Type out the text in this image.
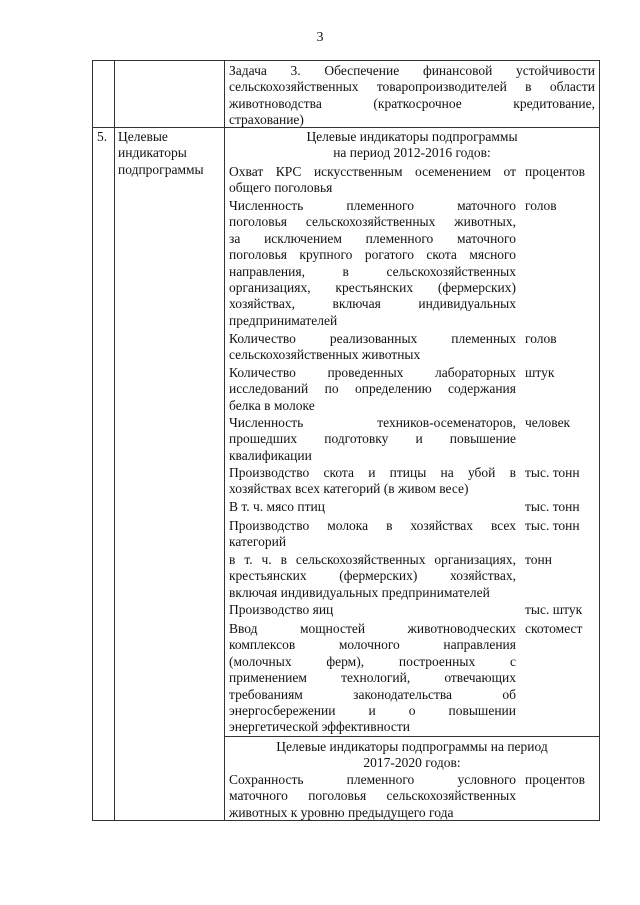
3
Задача 3. Обеспечение финансовой устойчивости
сельскохозяйственных товаропроизводителей в области
животноводства (краткосрочное кредитование,
страхование)
5. Целевые
индикаторы
подпрограммы
Целевые индикаторы подпрограммы
на период 2012-2016 годов:
Охват КРС искусственным осеменением от
общего поголовья
процентов
Численность племенного маточного
поголовья сельскохозяйственных животных,
за исключением племенного маточного
поголовья крупного рогатого скота мясного
направления, в сельскохозяйственных
организациях, крестьянских (фермерских)
хозяйствах, включая индивидуальных
предпринимателей
голов
Количество реализованных племенных
сельскохозяйственных животных
голов
Количество проведенных лабораторных
исследований по определению содержания
белка в молоке
штук
Численность техников-осеменаторов,
прошедших подготовку и повышение
квалификации
человек
Производство скота и птицы на убой в
хозяйствах всех категорий (в живом весе)
тыс. тонн
В т. ч. мясо птиц	тыс. тонн
Производство молока в хозяйствах всех
категорий
тыс. тонн
в т. ч. в сельскохозяйственных организациях,
крестьянских (фермерских) хозяйствах,
включая индивидуальных предпринимателей
тонн
Производство яиц	тыс. штук
Ввод мощностей животноводческих
комплексов молочного направления
(молочных ферм), построенных с
применением технологий, отвечающих
требованиям законодательства об
энергосбережении и о повышении
энергетической эффективности
скотомест
Целевые индикаторы подпрограммы на период
2017-2020 годов:
Сохранность племенного условного
маточного поголовья сельскохозяйственных
животных к уровню предыдущего года
процентов
